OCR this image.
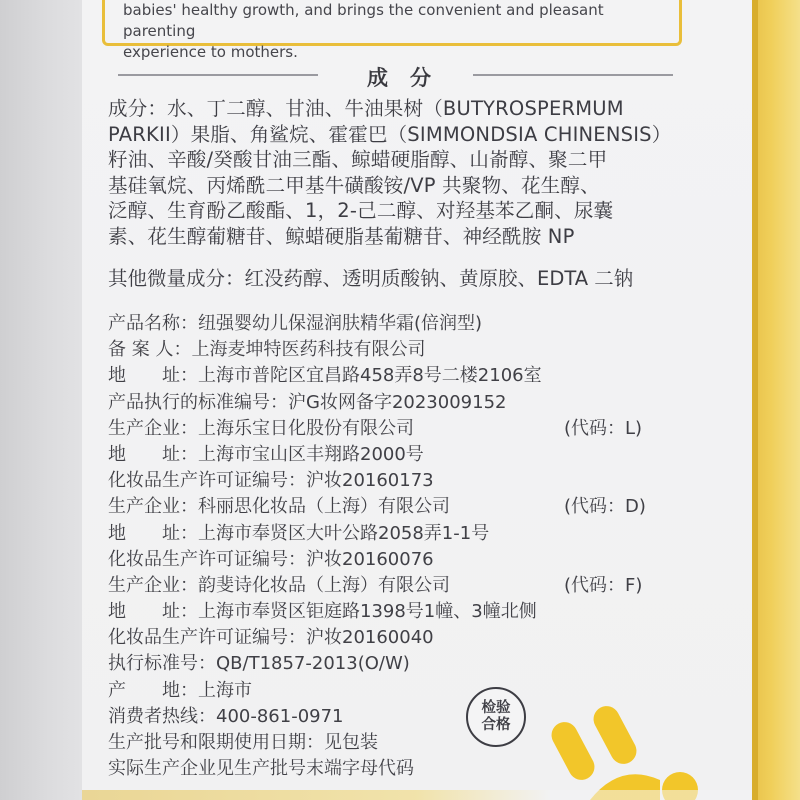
babies' healthy growth, and brings the convenient and pleasant parenting
experience to mothers.
成分
成分：水、丁二醇、甘油、牛油果树（BUTYROSPERMUM
PARKII）果脂、角鲨烷、霍霍巴（SIMMONDSIA CHINENSIS）
籽油、辛酸/癸酸甘油三酯、鲸蜡硬脂醇、山嵛醇、聚二甲
基硅氧烷、丙烯酰二甲基牛磺酸铵/VP 共聚物、花生醇、
泛醇、生育酚乙酸酯、1，2-己二醇、对羟基苯乙酮、尿囊
素、花生醇葡糖苷、鲸蜡硬脂基葡糖苷、神经酰胺 NP
其他微量成分：红没药醇、透明质酸钠、黄原胶、EDTA 二钠
产品名称：纽强婴幼儿保湿润肤精华霜(倍润型)
备 案 人：上海麦坤特医药科技有限公司
地　　址：上海市普陀区宜昌路458弄8号二楼2106室
产品执行的标准编号：沪G妆网备字2023009152
生产企业：上海乐宝日化股份有限公司	(代码：L)
地　　址：上海市宝山区丰翔路2000号
化妆品生产许可证编号：沪妆20160173
生产企业：科丽思化妆品（上海）有限公司	(代码：D)
地　　址：上海市奉贤区大叶公路2058弄1-1号
化妆品生产许可证编号：沪妆20160076
生产企业：韵斐诗化妆品（上海）有限公司	(代码：F)
地　　址：上海市奉贤区钜庭路1398号1幢、3幢北侧
化妆品生产许可证编号：沪妆20160040
执行标准号：QB/T1857-2013(O/W)
产　　地：上海市
消费者热线：400-861-0971
生产批号和限期使用日期：见包装
实际生产企业见生产批号末端字母代码
检验
合格
